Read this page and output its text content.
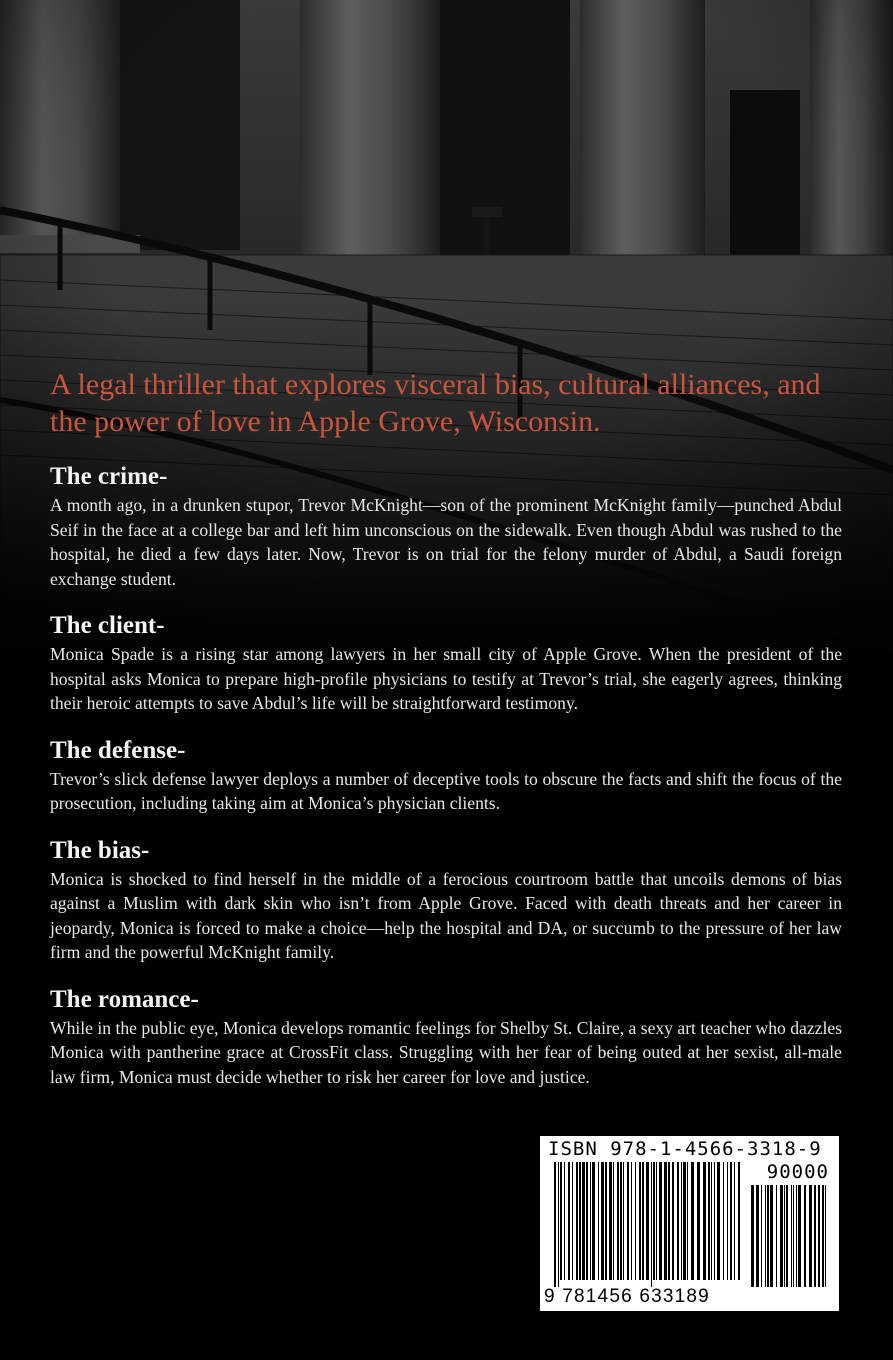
A legal thriller that explores visceral bias, cultural alliances, and the power of love in Apple Grove, Wisconsin.
The crime-

A month ago, in a drunken stupor, Trevor McKnight—son of the prominent McKnight family—punched Abdul Seif in the face at a college bar and left him unconscious on the sidewalk. Even though Abdul was rushed to the hospital, he died a few days later. Now, Trevor is on trial for the felony murder of Abdul, a Saudi foreign exchange student.

The client-

Monica Spade is a rising star among lawyers in her small city of Apple Grove. When the president of the hospital asks Monica to prepare high-profile physicians to testify at Trevor’s trial, she eagerly agrees, thinking their heroic attempts to save Abdul’s life will be straightforward testimony.

The defense-

Trevor’s slick defense lawyer deploys a number of deceptive tools to obscure the facts and shift the focus of the prosecution, including taking aim at Monica’s physician clients.

The bias-

Monica is shocked to find herself in the middle of a ferocious courtroom battle that uncoils demons of bias against a Muslim with dark skin who isn’t from Apple Grove. Faced with death threats and her career in jeopardy, Monica is forced to make a choice—help the hospital and DA, or succumb to the pressure of her law firm and the powerful McKnight family.

The romance-

While in the public eye, Monica develops romantic feelings for Shelby St. Claire, a sexy art teacher who dazzles Monica with pantherine grace at CrossFit class. Struggling with her fear of being outed at her sexist, all-male law firm, Monica must decide whether to risk her career for love and justice.

ISBN 978-1-4566-3318-9
90000
9 781456 633189
